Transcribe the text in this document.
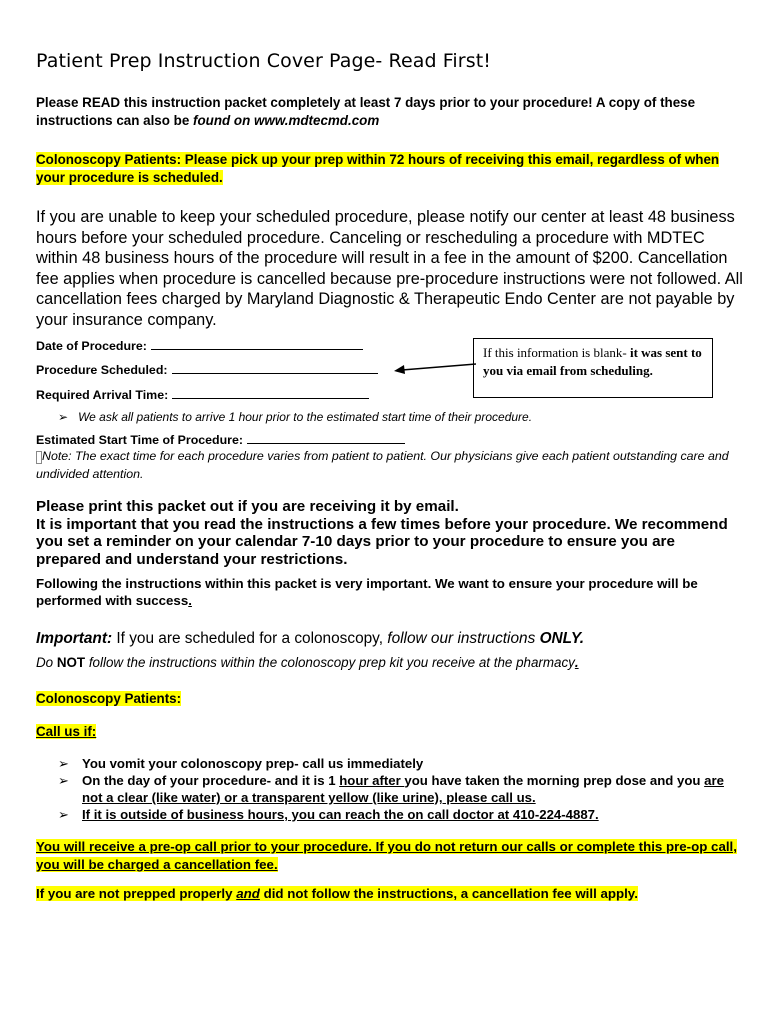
Patient Prep Instruction Cover Page- Read First!
Please READ this instruction packet completely at least 7 days prior to your procedure! A copy of these instructions can also be found on www.mdtecmd.com
Colonoscopy Patients: Please pick up your prep within 72 hours of receiving this email, regardless of when your procedure is scheduled.
If you are unable to keep your scheduled procedure, please notify our center at least 48 business hours before your scheduled procedure. Canceling or rescheduling a procedure with MDTEC within 48 business hours of the procedure will result in a fee in the amount of $200. Cancellation fee applies when procedure is cancelled because pre-procedure instructions were not followed. All cancellation fees charged by Maryland Diagnostic & Therapeutic Endo Center are not payable by your insurance company.
Date of Procedure:
Procedure Scheduled:
Required Arrival Time:
If this information is blank- it was sent to you via email from scheduling.
➢ We ask all patients to arrive 1 hour prior to the estimated start time of their procedure.
Estimated Start Time of Procedure:
Note: The exact time for each procedure varies from patient to patient. Our physicians give each patient outstanding care and undivided attention.
Please print this packet out if you are receiving it by email.
It is important that you read the instructions a few times before your procedure. We recommend you set a reminder on your calendar 7-10 days prior to your procedure to ensure you are prepared and understand your restrictions.
Following the instructions within this packet is very important. We want to ensure your procedure will be performed with success.
Important: If you are scheduled for a colonoscopy, follow our instructions ONLY.
Do NOT follow the instructions within the colonoscopy prep kit you receive at the pharmacy.
Colonoscopy Patients:
Call us if:
➢ You vomit your colonoscopy prep- call us immediately
➢ On the day of your procedure- and it is 1 hour after you have taken the morning prep dose and you are not a clear (like water) or a transparent yellow (like urine), please call us.
➢ If it is outside of business hours, you can reach the on call doctor at 410-224-4887.
You will receive a pre-op call prior to your procedure. If you do not return our calls or complete this pre-op call, you will be charged a cancellation fee.
If you are not prepped properly and did not follow the instructions, a cancellation fee will apply.
